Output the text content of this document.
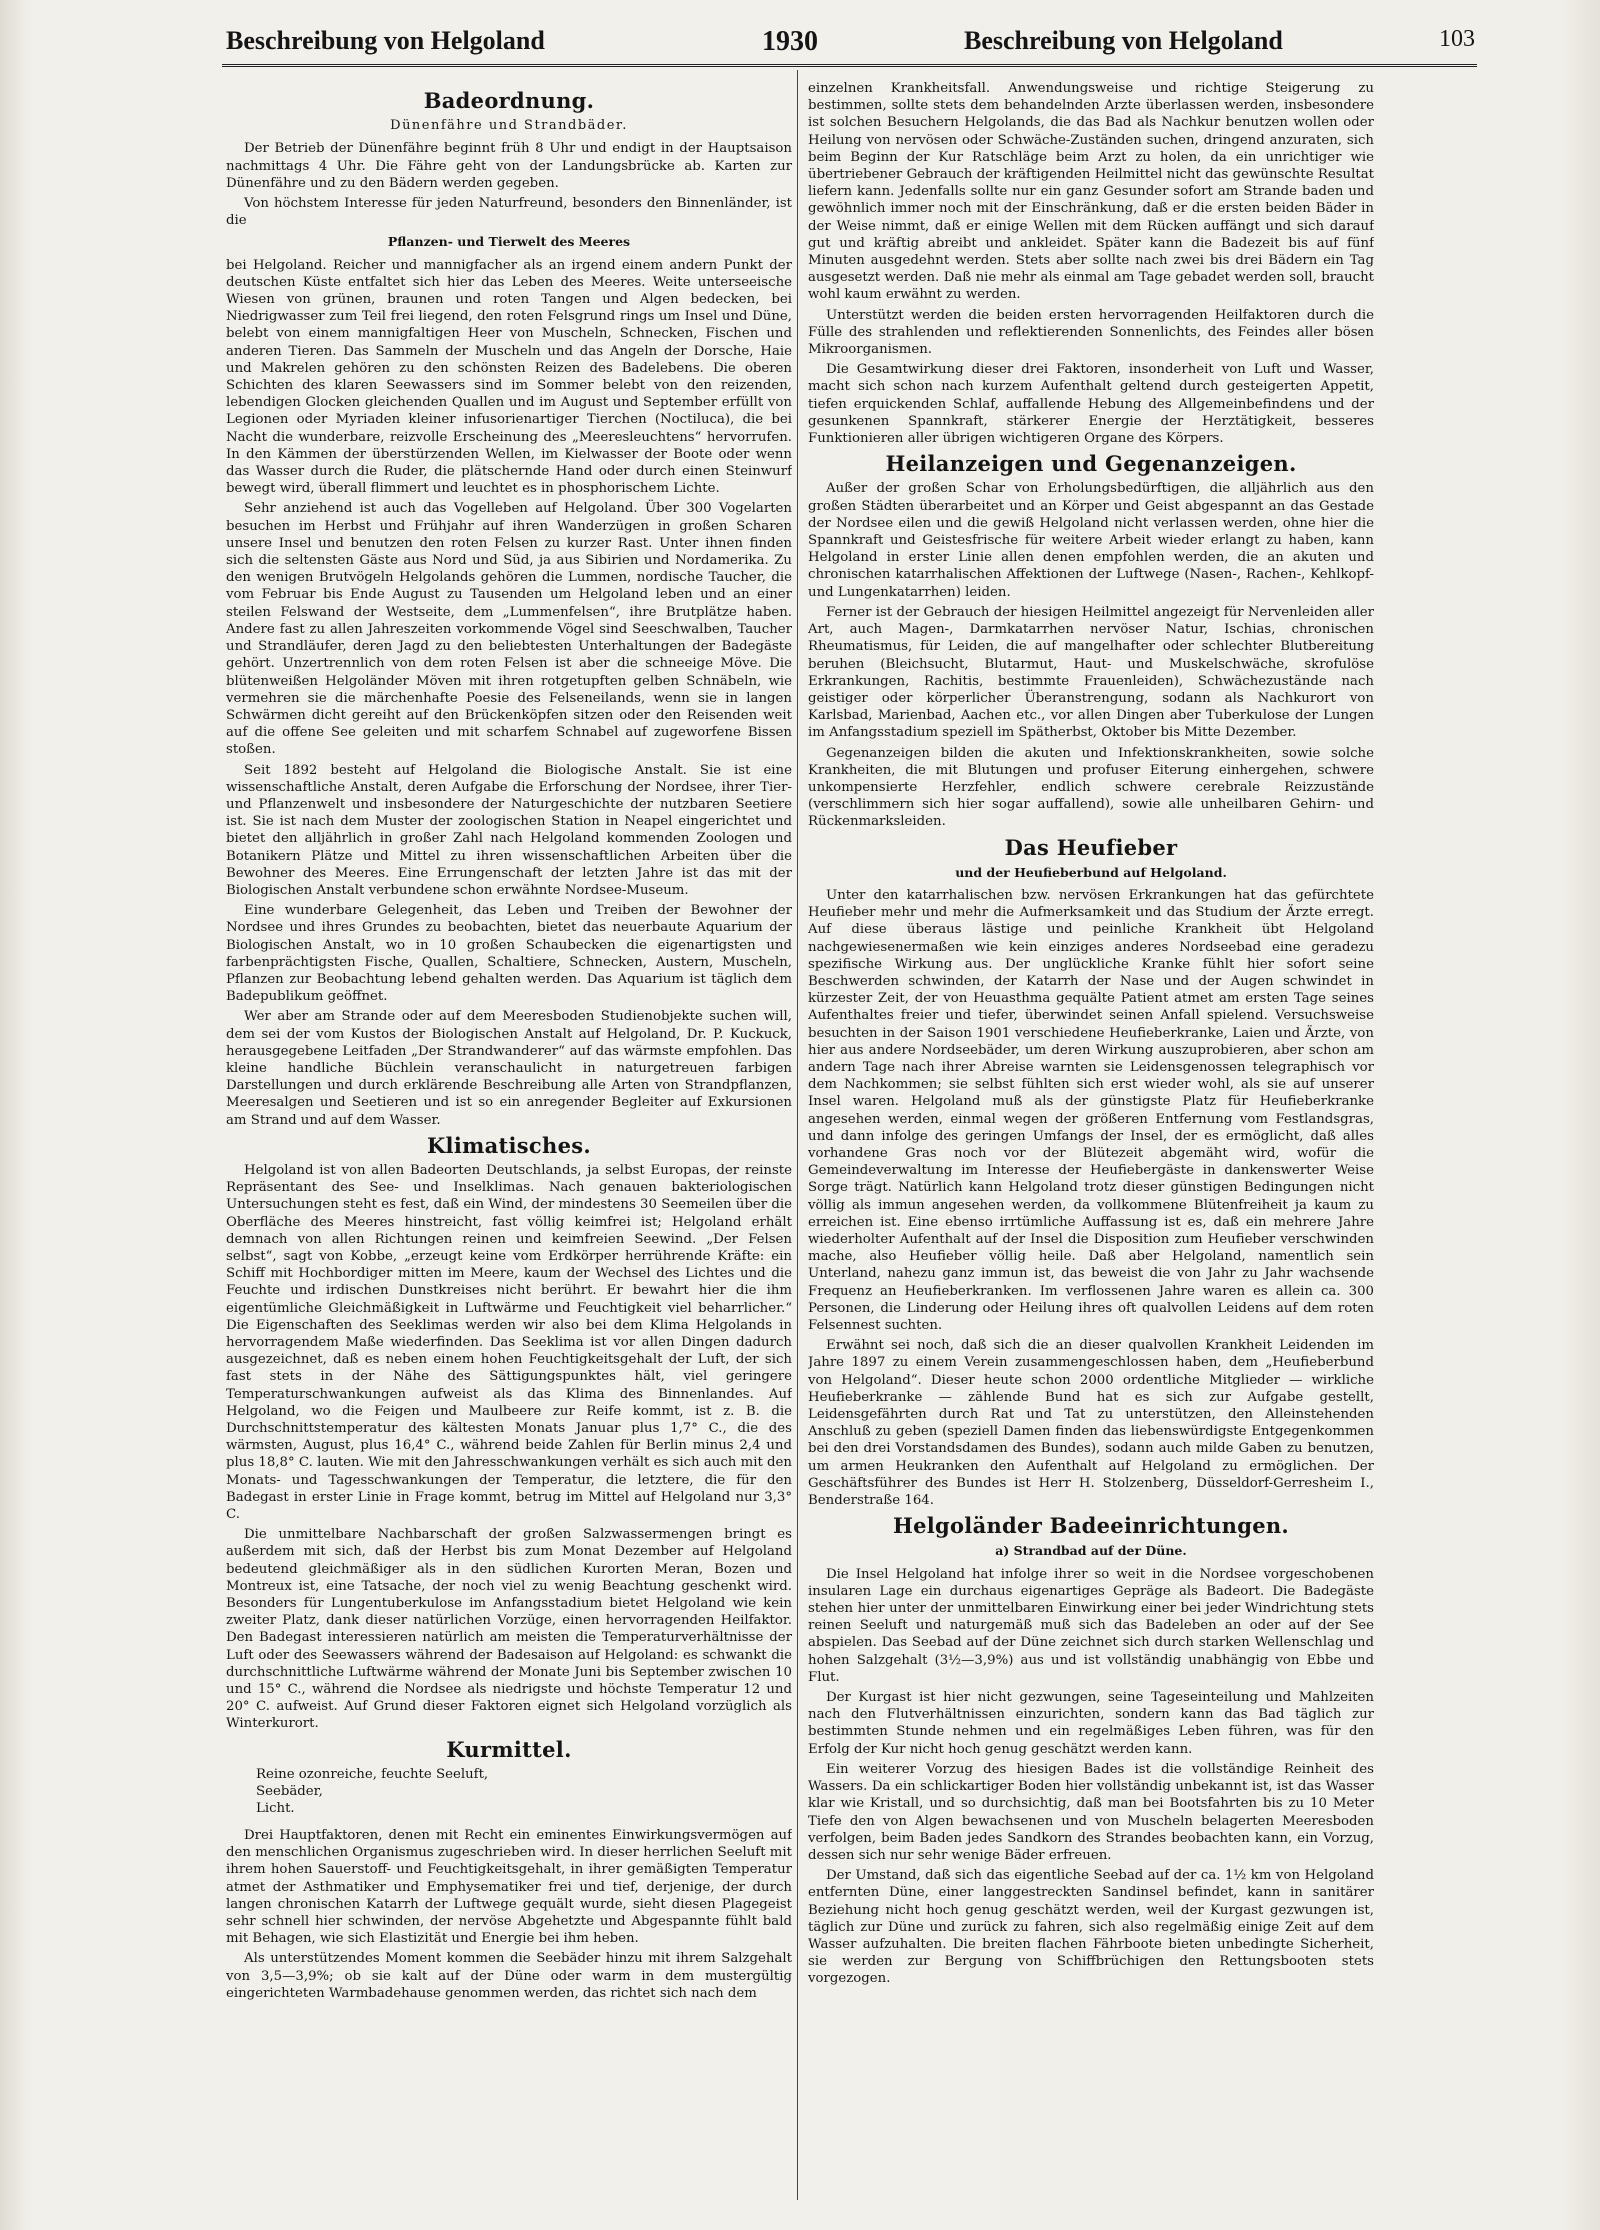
Beschreibung von Helgoland	1930	Beschreibung von Helgoland	103
Badeordnung.
Dünenfähre und Strandbäder.

Der Betrieb der Dünenfähre beginnt früh 8 Uhr und endigt in der Hauptsaison nachmittags 4 Uhr. Die Fähre geht von der Landungsbrücke ab. Karten zur Dünenfähre und zu den Bädern werden gegeben.

Von höchstem Interesse für jeden Naturfreund, besonders den Binnenländer, ist die

Pflanzen- und Tierwelt des Meeres

bei Helgoland. Reicher und mannigfacher als an irgend einem andern Punkt der deutschen Küste entfaltet sich hier das Leben des Meeres. Weite unterseeische Wiesen von grünen, braunen und roten Tangen und Algen bedecken, bei Niedrigwasser zum Teil frei liegend, den roten Felsgrund rings um Insel und Düne, belebt von einem mannigfaltigen Heer von Muscheln, Schnecken, Fischen und anderen Tieren. Das Sammeln der Muscheln und das Angeln der Dorsche, Haie und Makrelen gehören zu den schönsten Reizen des Badelebens. Die oberen Schichten des klaren Seewassers sind im Sommer belebt von den reizenden, lebendigen Glocken gleichenden Quallen und im August und September erfüllt von Legionen oder Myriaden kleiner infusorienartiger Tierchen (Noctiluca), die bei Nacht die wunderbare, reizvolle Erscheinung des „Meeresleuchtens“ hervorrufen. In den Kämmen der überstürzenden Wellen, im Kielwasser der Boote oder wenn das Wasser durch die Ruder, die plätschernde Hand oder durch einen Steinwurf bewegt wird, überall flimmert und leuchtet es in phosphorischem Lichte.

Sehr anziehend ist auch das Vogelleben auf Helgoland. Über 300 Vogelarten besuchen im Herbst und Frühjahr auf ihren Wanderzügen in großen Scharen unsere Insel und benutzen den roten Felsen zu kurzer Rast. Unter ihnen finden sich die seltensten Gäste aus Nord und Süd, ja aus Sibirien und Nordamerika. Zu den wenigen Brutvögeln Helgolands gehören die Lummen, nordische Taucher, die vom Februar bis Ende August zu Tausenden um Helgoland leben und an einer steilen Felswand der Westseite, dem „Lummenfelsen“, ihre Brutplätze haben. Andere fast zu allen Jahreszeiten vorkommende Vögel sind Seeschwalben, Taucher und Strandläufer, deren Jagd zu den beliebtesten Unterhaltungen der Badegäste gehört. Unzertrennlich von dem roten Felsen ist aber die schneeige Möve. Die blütenweißen Helgoländer Möven mit ihren rotgetupften gelben Schnäbeln, wie vermehren sie die märchenhafte Poesie des Felseneilands, wenn sie in langen Schwärmen dicht gereiht auf den Brückenköpfen sitzen oder den Reisenden weit auf die offene See geleiten und mit scharfem Schnabel auf zugeworfene Bissen stoßen.

Seit 1892 besteht auf Helgoland die Biologische Anstalt. Sie ist eine wissenschaftliche Anstalt, deren Aufgabe die Erforschung der Nordsee, ihrer Tier- und Pflanzenwelt und insbesondere der Naturgeschichte der nutzbaren Seetiere ist. Sie ist nach dem Muster der zoologischen Station in Neapel eingerichtet und bietet den alljährlich in großer Zahl nach Helgoland kommenden Zoologen und Botanikern Plätze und Mittel zu ihren wissenschaftlichen Arbeiten über die Bewohner des Meeres. Eine Errungenschaft der letzten Jahre ist das mit der Biologischen Anstalt verbundene schon erwähnte Nordsee-Museum.

Eine wunderbare Gelegenheit, das Leben und Treiben der Bewohner der Nordsee und ihres Grundes zu beobachten, bietet das neuerbaute Aquarium der Biologischen Anstalt, wo in 10 großen Schaubecken die eigenartigsten und farbenprächtigsten Fische, Quallen, Schaltiere, Schnecken, Austern, Muscheln, Pflanzen zur Beobachtung lebend gehalten werden. Das Aquarium ist täglich dem Badepublikum geöffnet.

Wer aber am Strande oder auf dem Meeresboden Studienobjekte suchen will, dem sei der vom Kustos der Biologischen Anstalt auf Helgoland, Dr. P. Kuckuck, herausgegebene Leitfaden „Der Strandwanderer“ auf das wärmste empfohlen. Das kleine handliche Büchlein veranschaulicht in naturgetreuen farbigen Darstellungen und durch erklärende Beschreibung alle Arten von Strandpflanzen, Meeresalgen und Seetieren und ist so ein anregender Begleiter auf Exkursionen am Strand und auf dem Wasser.

Klimatisches.

Helgoland ist von allen Badeorten Deutschlands, ja selbst Europas, der reinste Repräsentant des See- und Inselklimas. Nach genauen bakteriologischen Untersuchungen steht es fest, daß ein Wind, der mindestens 30 Seemeilen über die Oberfläche des Meeres hinstreicht, fast völlig keimfrei ist; Helgoland erhält demnach von allen Richtungen reinen und keimfreien Seewind. „Der Felsen selbst“, sagt von Kobbe, „erzeugt keine vom Erdkörper herrührende Kräfte: ein Schiff mit Hochbordiger mitten im Meere, kaum der Wechsel des Lichtes und die Feuchte und irdischen Dunstkreises nicht berührt. Er bewahrt hier die ihm eigentümliche Gleichmäßigkeit in Luftwärme und Feuchtigkeit viel beharrlicher.“ Die Eigenschaften des Seeklimas werden wir also bei dem Klima Helgolands in hervorragendem Maße wiederfinden. Das Seeklima ist vor allen Dingen dadurch ausgezeichnet, daß es neben einem hohen Feuchtigkeitsgehalt der Luft, der sich fast stets in der Nähe des Sättigungspunktes hält, viel geringere Temperaturschwankungen aufweist als das Klima des Binnenlandes. Auf Helgoland, wo die Feigen und Maulbeere zur Reife kommt, ist z. B. die Durchschnittstemperatur des kältesten Monats Januar plus 1,7° C., die des wärmsten, August, plus 16,4° C., während beide Zahlen für Berlin minus 2,4 und plus 18,8° C. lauten. Wie mit den Jahresschwankungen verhält es sich auch mit den Monats- und Tagesschwankungen der Temperatur, die letztere, die für den Badegast in erster Linie in Frage kommt, betrug im Mittel auf Helgoland nur 3,3° C.

Die unmittelbare Nachbarschaft der großen Salzwassermengen bringt es außerdem mit sich, daß der Herbst bis zum Monat Dezember auf Helgoland bedeutend gleichmäßiger als in den südlichen Kurorten Meran, Bozen und Montreux ist, eine Tatsache, der noch viel zu wenig Beachtung geschenkt wird. Besonders für Lungentuberkulose im Anfangsstadium bietet Helgoland wie kein zweiter Platz, dank dieser natürlichen Vorzüge, einen hervorragenden Heilfaktor. Den Badegast interessieren natürlich am meisten die Temperaturverhältnisse der Luft oder des Seewassers während der Badesaison auf Helgoland: es schwankt die durchschnittliche Luftwärme während der Monate Juni bis September zwischen 10 und 15° C., während die Nordsee als niedrigste und höchste Temperatur 12 und 20° C. aufweist. Auf Grund dieser Faktoren eignet sich Helgoland vorzüglich als Winterkurort.

Kurmittel.
Reine ozonreiche, feuchte Seeluft,
Seebäder,
Licht.

Drei Hauptfaktoren, denen mit Recht ein eminentes Einwirkungsvermögen auf den menschlichen Organismus zugeschrieben wird. In dieser herrlichen Seeluft mit ihrem hohen Sauerstoff- und Feuchtigkeitsgehalt, in ihrer gemäßigten Temperatur atmet der Asthmatiker und Emphysematiker frei und tief, derjenige, der durch langen chronischen Katarrh der Luftwege gequält wurde, sieht diesen Plagegeist sehr schnell hier schwinden, der nervöse Abgehetzte und Abgespannte fühlt bald mit Behagen, wie sich Elastizität und Energie bei ihm heben.

Als unterstützendes Moment kommen die Seebäder hinzu mit ihrem Salzgehalt von 3,5—3,9%; ob sie kalt auf der Düne oder warm in dem mustergültig eingerichteten Warmbadehause genommen werden, das richtet sich nach dem

einzelnen Krankheitsfall. Anwendungsweise und richtige Steigerung zu bestimmen, sollte stets dem behandelnden Arzte überlassen werden, insbesondere ist solchen Besuchern Helgolands, die das Bad als Nachkur benutzen wollen oder Heilung von nervösen oder Schwäche-Zuständen suchen, dringend anzuraten, sich beim Beginn der Kur Ratschläge beim Arzt zu holen, da ein unrichtiger wie übertriebener Gebrauch der kräftigenden Heilmittel nicht das gewünschte Resultat liefern kann. Jedenfalls sollte nur ein ganz Gesunder sofort am Strande baden und gewöhnlich immer noch mit der Einschränkung, daß er die ersten beiden Bäder in der Weise nimmt, daß er einige Wellen mit dem Rücken auffängt und sich darauf gut und kräftig abreibt und ankleidet. Später kann die Badezeit bis auf fünf Minuten ausgedehnt werden. Stets aber sollte nach zwei bis drei Bädern ein Tag ausgesetzt werden. Daß nie mehr als einmal am Tage gebadet werden soll, braucht wohl kaum erwähnt zu werden.

Unterstützt werden die beiden ersten hervorragenden Heilfaktoren durch die Fülle des strahlenden und reflektierenden Sonnenlichts, des Feindes aller bösen Mikroorganismen.

Die Gesamtwirkung dieser drei Faktoren, insonderheit von Luft und Wasser, macht sich schon nach kurzem Aufenthalt geltend durch gesteigerten Appetit, tiefen erquickenden Schlaf, auffallende Hebung des Allgemeinbefindens und der gesunkenen Spannkraft, stärkerer Energie der Herztätigkeit, besseres Funktionieren aller übrigen wichtigeren Organe des Körpers.

Heilanzeigen und Gegenanzeigen.

Außer der großen Schar von Erholungsbedürftigen, die alljährlich aus den großen Städten überarbeitet und an Körper und Geist abgespannt an das Gestade der Nordsee eilen und die gewiß Helgoland nicht verlassen werden, ohne hier die Spannkraft und Geistesfrische für weitere Arbeit wieder erlangt zu haben, kann Helgoland in erster Linie allen denen empfohlen werden, die an akuten und chronischen katarrhalischen Affektionen der Luftwege (Nasen-, Rachen-, Kehlkopf- und Lungenkatarrhen) leiden.

Ferner ist der Gebrauch der hiesigen Heilmittel angezeigt für Nervenleiden aller Art, auch Magen-, Darmkatarrhen nervöser Natur, Ischias, chronischen Rheumatismus, für Leiden, die auf mangelhafter oder schlechter Blutbereitung beruhen (Bleichsucht, Blutarmut, Haut- und Muskelschwäche, skrofulöse Erkrankungen, Rachitis, bestimmte Frauenleiden), Schwächezustände nach geistiger oder körperlicher Überanstrengung, sodann als Nachkurort von Karlsbad, Marienbad, Aachen etc., vor allen Dingen aber Tuberkulose der Lungen im Anfangsstadium speziell im Spätherbst, Oktober bis Mitte Dezember.

Gegenanzeigen bilden die akuten und Infektionskrankheiten, sowie solche Krankheiten, die mit Blutungen und profuser Eiterung einhergehen, schwere unkompensierte Herzfehler, endlich schwere cerebrale Reizzustände (verschlimmern sich hier sogar auffallend), sowie alle unheilbaren Gehirn- und Rückenmarksleiden.

Das Heufieber
und der Heufieberbund auf Helgoland.

Unter den katarrhalischen bzw. nervösen Erkrankungen hat das gefürchtete Heufieber mehr und mehr die Aufmerksamkeit und das Studium der Ärzte erregt. Auf diese überaus lästige und peinliche Krankheit übt Helgoland nachgewiesenermaßen wie kein einziges anderes Nordseebad eine geradezu spezifische Wirkung aus. Der unglückliche Kranke fühlt hier sofort seine Beschwerden schwinden, der Katarrh der Nase und der Augen schwindet in kürzester Zeit, der von Heuasthma gequälte Patient atmet am ersten Tage seines Aufenthaltes freier und tiefer, überwindet seinen Anfall spielend. Versuchsweise besuchten in der Saison 1901 verschiedene Heufieberkranke, Laien und Ärzte, von hier aus andere Nordseebäder, um deren Wirkung auszuprobieren, aber schon am andern Tage nach ihrer Abreise warnten sie Leidensgenossen telegraphisch vor dem Nachkommen; sie selbst fühlten sich erst wieder wohl, als sie auf unserer Insel waren. Helgoland muß als der günstigste Platz für Heufieberkranke angesehen werden, einmal wegen der größeren Entfernung vom Festlandsgras, und dann infolge des geringen Umfangs der Insel, der es ermöglicht, daß alles vorhandene Gras noch vor der Blütezeit abgemäht wird, wofür die Gemeindeverwaltung im Interesse der Heufiebergäste in dankenswerter Weise Sorge trägt. Natürlich kann Helgoland trotz dieser günstigen Bedingungen nicht völlig als immun angesehen werden, da vollkommene Blütenfreiheit ja kaum zu erreichen ist. Eine ebenso irrtümliche Auffassung ist es, daß ein mehrere Jahre wiederholter Aufenthalt auf der Insel die Disposition zum Heufieber verschwinden mache, also Heufieber völlig heile. Daß aber Helgoland, namentlich sein Unterland, nahezu ganz immun ist, das beweist die von Jahr zu Jahr wachsende Frequenz an Heufieberkranken. Im verflossenen Jahre waren es allein ca. 300 Personen, die Linderung oder Heilung ihres oft qualvollen Leidens auf dem roten Felsennest suchten.

Erwähnt sei noch, daß sich die an dieser qualvollen Krankheit Leidenden im Jahre 1897 zu einem Verein zusammengeschlossen haben, dem „Heufieberbund von Helgoland“. Dieser heute schon 2000 ordentliche Mitglieder — wirkliche Heufieberkranke — zählende Bund hat es sich zur Aufgabe gestellt, Leidensgefährten durch Rat und Tat zu unterstützen, den Alleinstehenden Anschluß zu geben (speziell Damen finden das liebenswürdigste Entgegenkommen bei den drei Vorstandsdamen des Bundes), sodann auch milde Gaben zu benutzen, um armen Heukranken den Aufenthalt auf Helgoland zu ermöglichen. Der Geschäftsführer des Bundes ist Herr H. Stolzenberg, Düsseldorf-Gerresheim I., Benderstraße 164.

Helgoländer Badeeinrichtungen.
a) Strandbad auf der Düne.

Die Insel Helgoland hat infolge ihrer so weit in die Nordsee vorgeschobenen insularen Lage ein durchaus eigenartiges Gepräge als Badeort. Die Badegäste stehen hier unter der unmittelbaren Einwirkung einer bei jeder Windrichtung stets reinen Seeluft und naturgemäß muß sich das Badeleben an oder auf der See abspielen. Das Seebad auf der Düne zeichnet sich durch starken Wellenschlag und hohen Salzgehalt (3½—3,9%) aus und ist vollständig unabhängig von Ebbe und Flut.

Der Kurgast ist hier nicht gezwungen, seine Tageseinteilung und Mahlzeiten nach den Flutverhältnissen einzurichten, sondern kann das Bad täglich zur bestimmten Stunde nehmen und ein regelmäßiges Leben führen, was für den Erfolg der Kur nicht hoch genug geschätzt werden kann.

Ein weiterer Vorzug des hiesigen Bades ist die vollständige Reinheit des Wassers. Da ein schlickartiger Boden hier vollständig unbekannt ist, ist das Wasser klar wie Kristall, und so durchsichtig, daß man bei Bootsfahrten bis zu 10 Meter Tiefe den von Algen bewachsenen und von Muscheln belagerten Meeresboden verfolgen, beim Baden jedes Sandkorn des Strandes beobachten kann, ein Vorzug, dessen sich nur sehr wenige Bäder erfreuen.

Der Umstand, daß sich das eigentliche Seebad auf der ca. 1½ km von Helgoland entfernten Düne, einer langgestreckten Sandinsel befindet, kann in sanitärer Beziehung nicht hoch genug geschätzt werden, weil der Kurgast gezwungen ist, täglich zur Düne und zurück zu fahren, sich also regelmäßig einige Zeit auf dem Wasser aufzuhalten. Die breiten flachen Fährboote bieten unbedingte Sicherheit, sie werden zur Bergung von Schiffbrüchigen den Rettungsbooten stets vorgezogen.
